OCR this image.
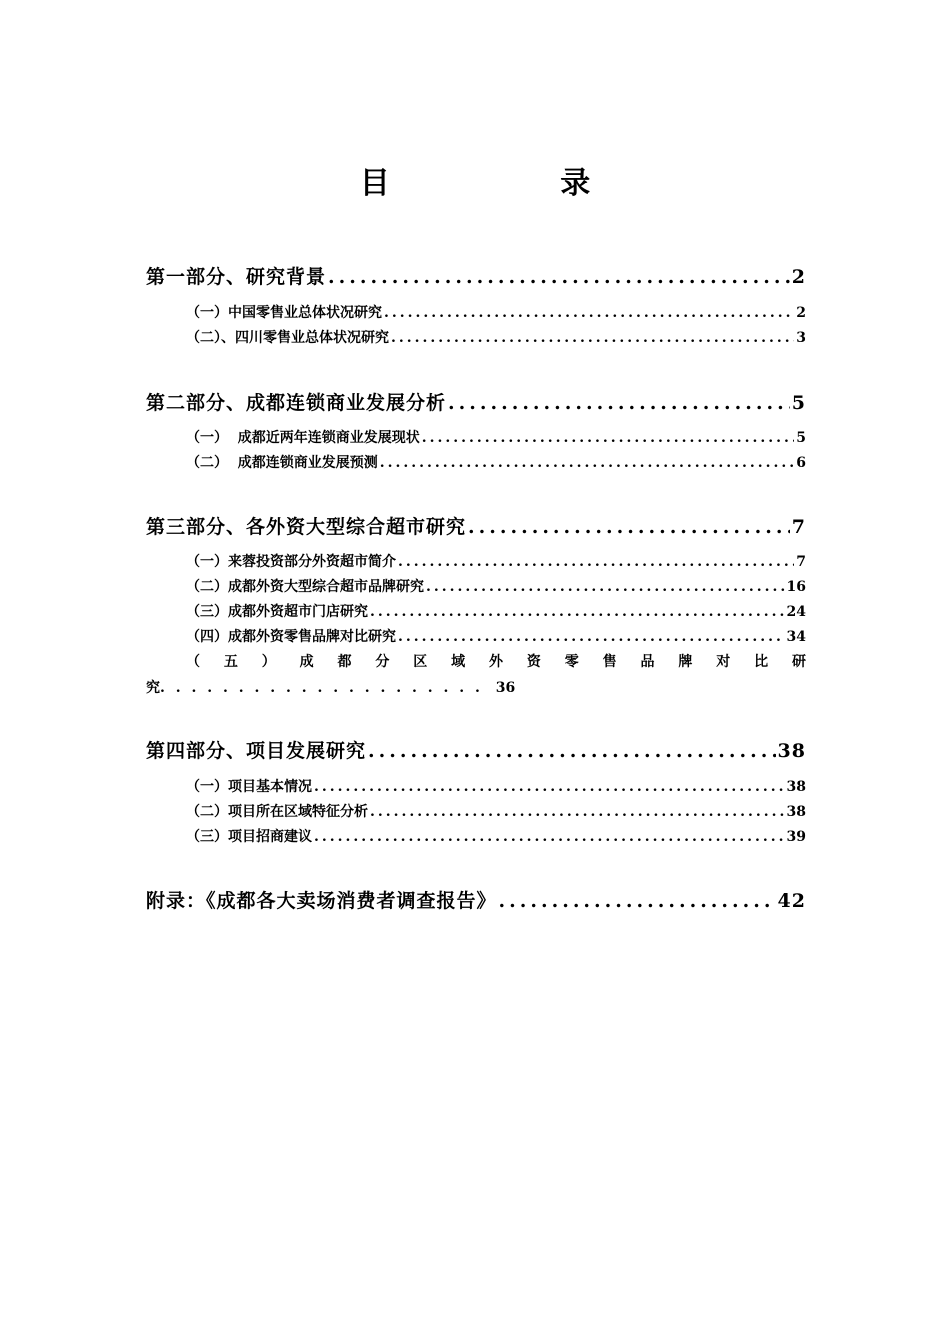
目 录
第一部分、研究背景 .....	2
（一）中国零售业总体状况研究 .....	2
（二）、四川零售业总体状况研究 .....	3
第二部分、成都连锁商业发展分析 .....	5
（一）  成都近两年连锁商业发展现状 .....	5
（二）  成都连锁商业发展预测 .....	6
第三部分、各外资大型综合超市研究 .....	7
（一）来蓉投资部分外资超市简介 .....	7
（二）成都外资大型综合超市品牌研究 .....	16
（三）成都外资超市门店研究 .....	24
（四）成都外资零售品牌对比研究 .....	34
（ 五 ） 成 都 分 区 域 外 资 零 售 品 牌 对 比 研
究. . . . . . . . . . . . . . . . . . . . . 36
第四部分、项目发展研究 .....	38
（一）项目基本情况 .....	38
（二）项目所在区域特征分析 .....	38
（三）项目招商建议 .....	39
附录：《成都各大卖场消费者调查报告》 .....	42
